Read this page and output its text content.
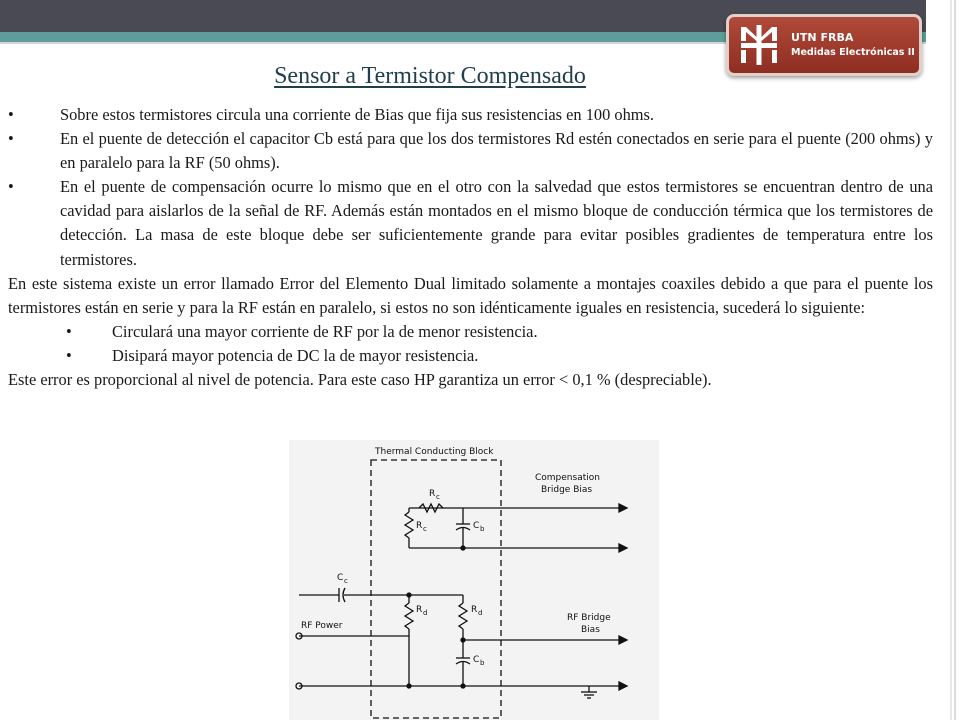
UTN FRBA
Medidas Electrónicas II
Sensor a Termistor Compensado
•	Sobre estos termistores circula una corriente de Bias que fija sus resistencias en 100 ohms.
•	En el puente de detección el capacitor Cb está para que los dos termistores Rd estén conectados en serie para el puente (200 ohms) y en paralelo para la RF (50 ohms).
•	En el puente de compensación ocurre lo mismo que en el otro con la salvedad que estos termistores se encuentran dentro de una cavidad para aislarlos de la señal de RF. Además están montados en el mismo bloque de conducción térmica que los termistores de detección. La masa de este bloque debe ser suficientemente grande para evitar posibles gradientes de temperatura entre los termistores.
En este sistema existe un error llamado Error del Elemento Dual limitado solamente a montajes coaxiles debido a que para el puente los termistores están en serie y para la RF están en paralelo, si estos no son idénticamente iguales en resistencia, sucederá lo siguiente:
• Circulará una mayor corriente de RF por la de menor resistencia.
• Disipará mayor potencia de DC la de mayor resistencia.
Este error es proporcional al nivel de potencia. Para este caso HP garantiza un error < 0,1 % (despreciable).
Thermal Conducting Block
Compensation
Bridge Bias
RF Bridge
Bias
RF Power
R c
R c	C b
C c
R d	R d
C b
